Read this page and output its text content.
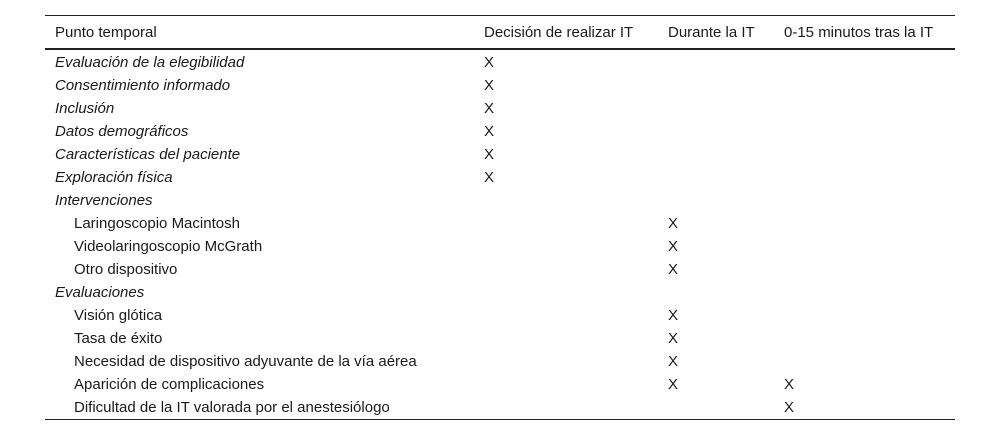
Punto temporal	Decisión de realizar IT	Durante la IT	0-15 minutos tras la IT
Evaluación de la elegibilidad	X		
Consentimiento informado	X		
Inclusión	X		
Datos demográficos	X		
Características del paciente	X		
Exploración física	X		
Intervenciones			
Laringoscopio Macintosh		X	
Videolaringoscopio McGrath		X	
Otro dispositivo		X	
Evaluaciones			
Visión glótica		X	
Tasa de éxito		X	
Necesidad de dispositivo adyuvante de la vía aérea		X	
Aparición de complicaciones		X	X
Dificultad de la IT valorada por el anestesiólogo			X
